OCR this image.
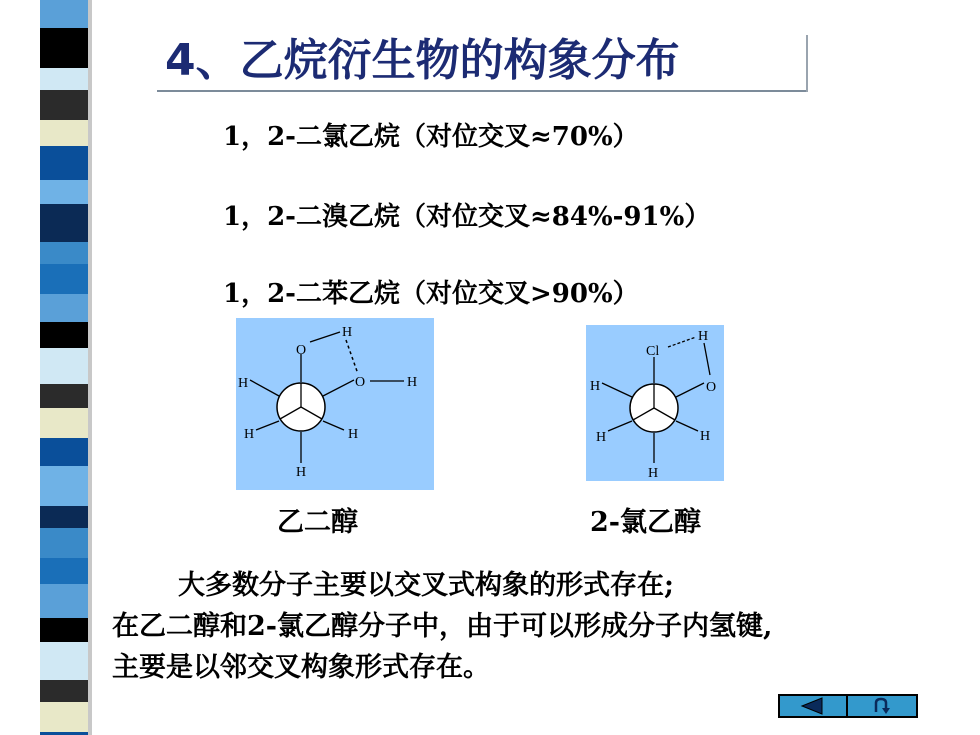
4、乙烷衍生物的构象分布
1，2-二氯乙烷（对位交叉≈70%）
1，2-二溴乙烷（对位交叉≈84%-91%）
1，2-二苯乙烷（对位交叉>90%）
O
H
O	H
H
H	H
H
Cl
H
O
H
H	H
H
乙二醇	2-氯乙醇
大多数分子主要以交叉式构象的形式存在;
在乙二醇和2-氯乙醇分子中，由于可以形成分子内氢键,
主要是以邻交叉构象形式存在。
